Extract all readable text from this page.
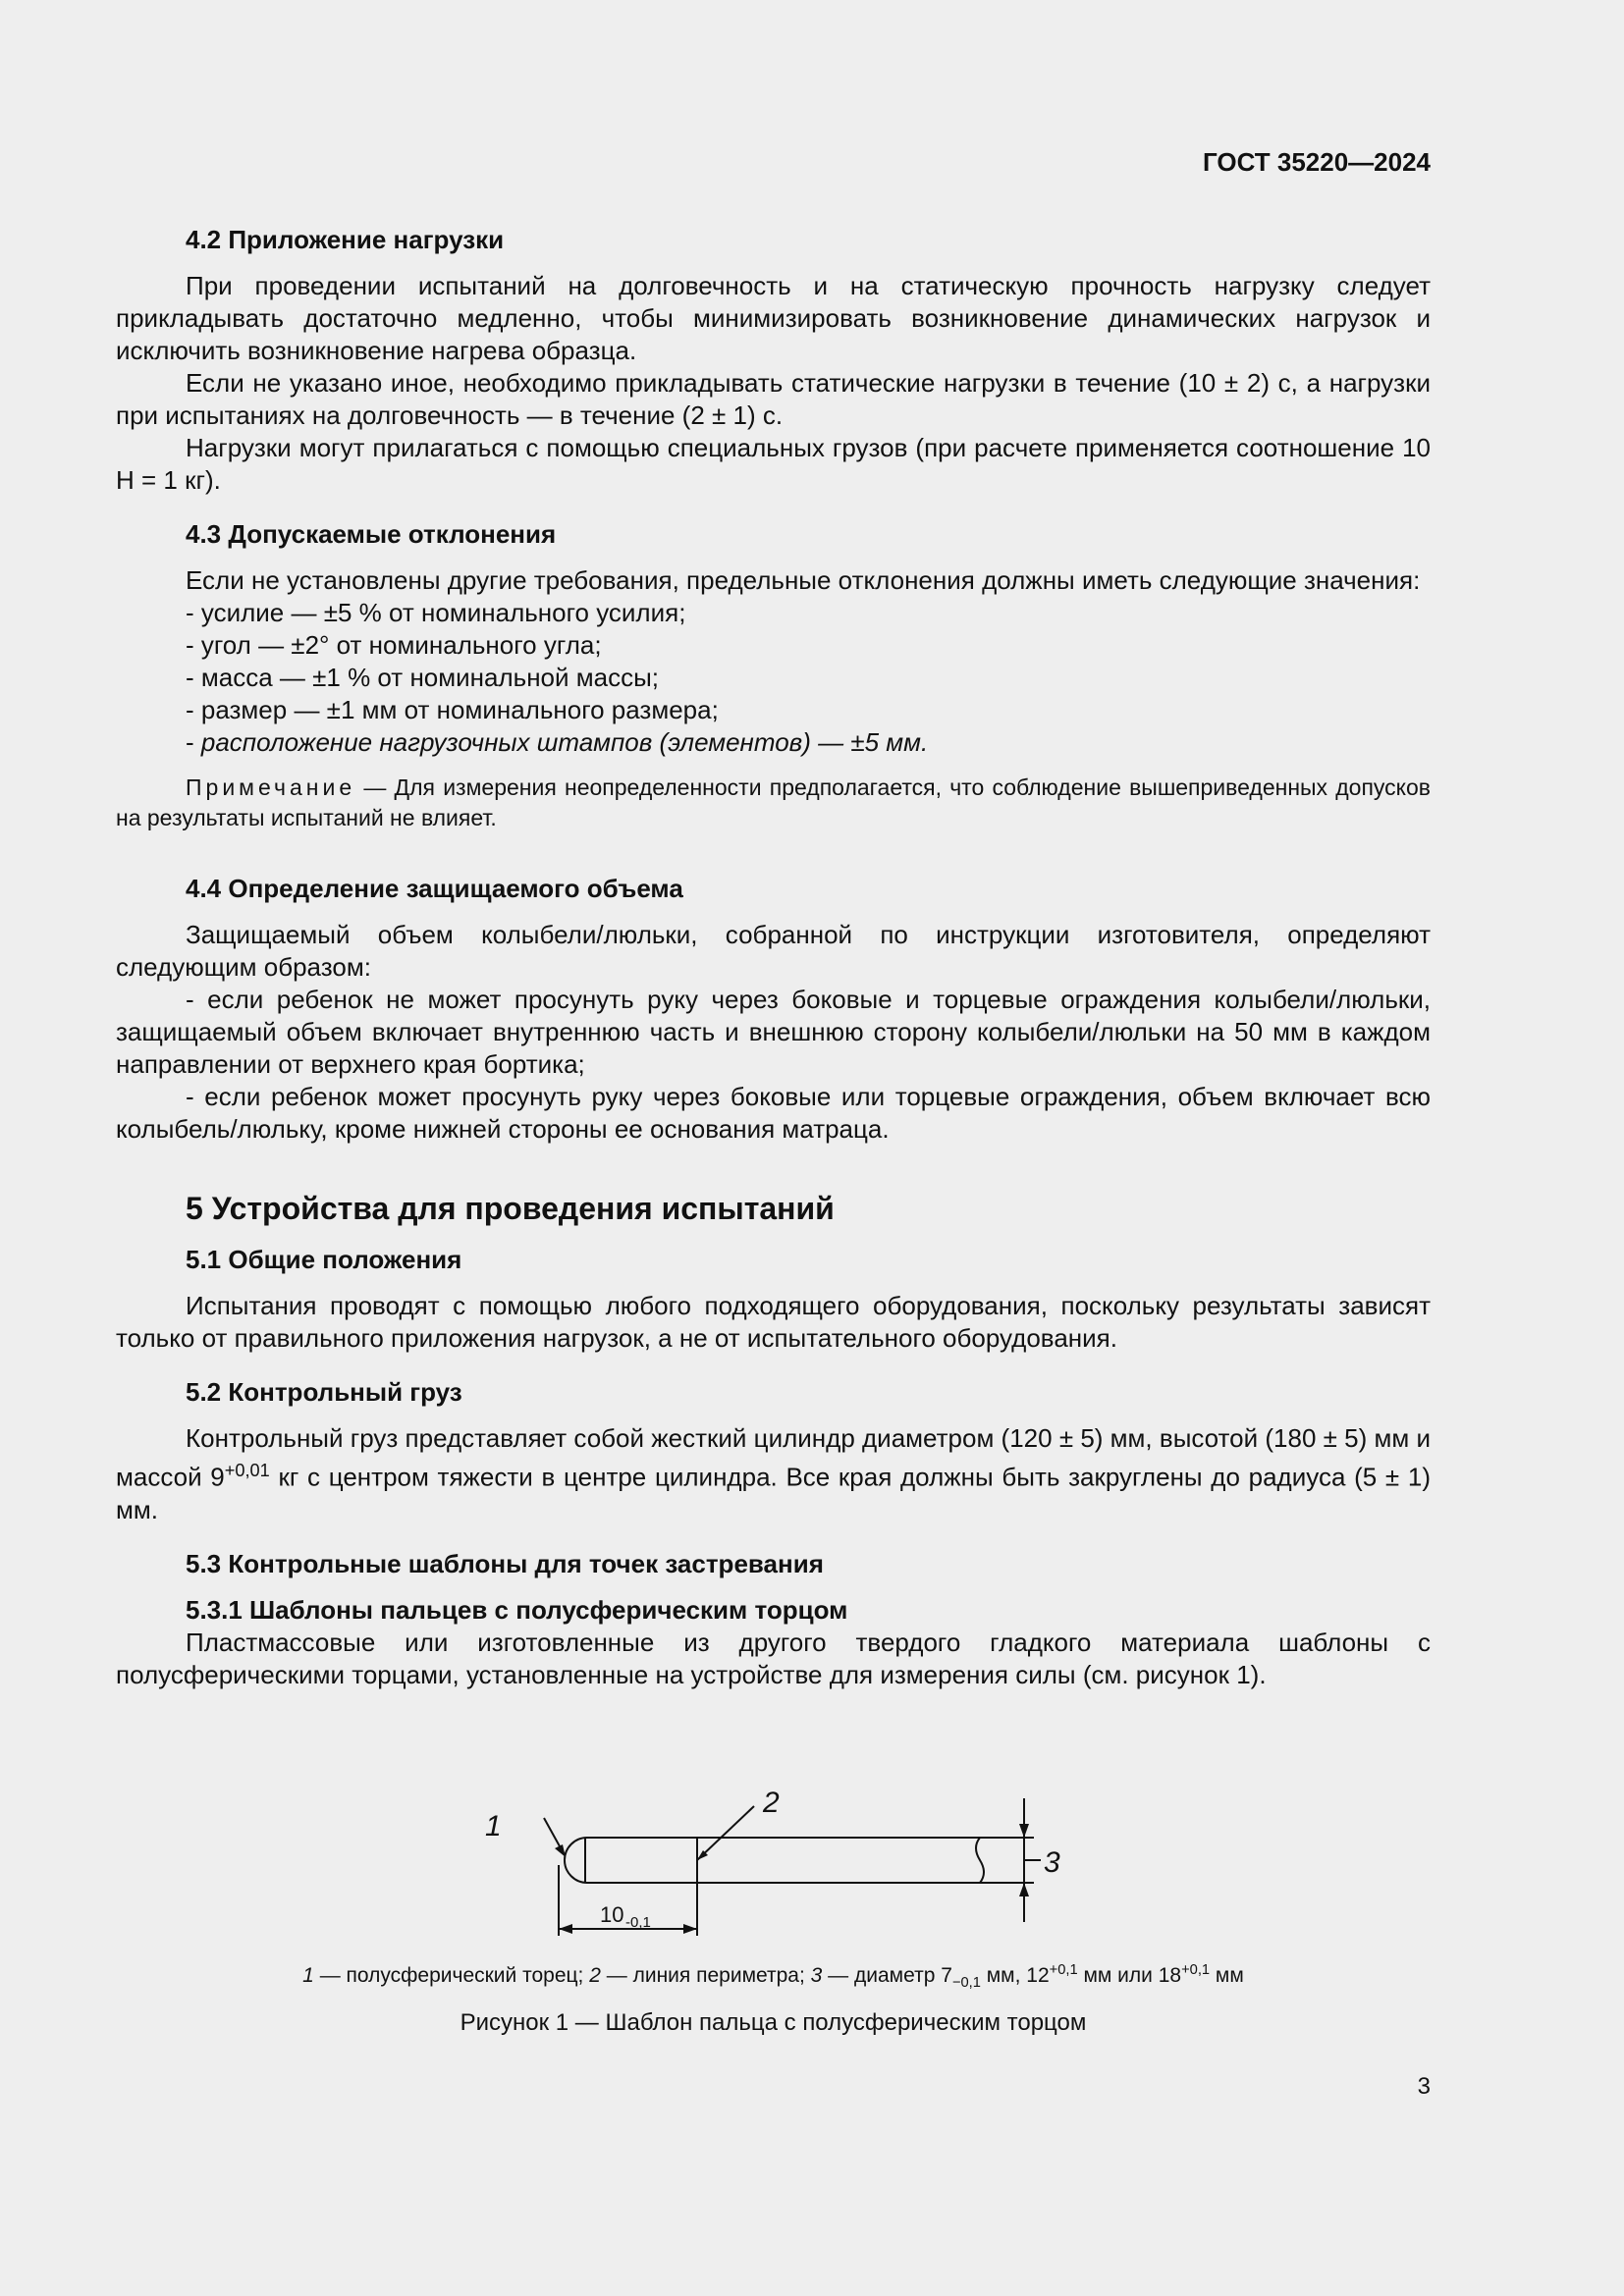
ГОСТ 35220—2024
4.2 Приложение нагрузки

При проведении испытаний на долговечность и на статическую прочность нагрузку следует прикладывать достаточно медленно, чтобы минимизировать возникновение динамических нагрузок и исключить возникновение нагрева образца.

Если не указано иное, необходимо прикладывать статические нагрузки в течение (10 ± 2) с, а нагрузки при испытаниях на долговечность — в течение (2 ± 1) с.

Нагрузки могут прилагаться с помощью специальных грузов (при расчете применяется соотношение 10 Н = 1 кг).

4.3 Допускаемые отклонения

Если не установлены другие требования, предельные отклонения должны иметь следующие значения:

- усилие — ±5 % от номинального усилия;
- угол — ±2° от номинального угла;
- масса — ±1 % от номинальной массы;
- размер — ±1 мм от номинального размера;
- расположение нагрузочных штампов (элементов) — ±5 мм.

Примечание — Для измерения неопределенности предполагается, что соблюдение вышеприведенных допусков на результаты испытаний не влияет.

4.4 Определение защищаемого объема

Защищаемый объем колыбели/люльки, собранной по инструкции изготовителя, определяют следующим образом:

- если ребенок не может просунуть руку через боковые и торцевые ограждения колыбели/люльки, защищаемый объем включает внутреннюю часть и внешнюю сторону колыбели/люльки на 50 мм в каждом направлении от верхнего края бортика;

- если ребенок может просунуть руку через боковые или торцевые ограждения, объем включает всю колыбель/люльку, кроме нижней стороны ее основания матраца.

5 Устройства для проведения испытаний
5.1 Общие положения

Испытания проводят с помощью любого подходящего оборудования, поскольку результаты зависят только от правильного приложения нагрузок, а не от испытательного оборудования.

5.2 Контрольный груз

Контрольный груз представляет собой жесткий цилиндр диаметром (120 ± 5) мм, высотой (180 ± 5) мм и массой $9^{+0,01}$ кг с центром тяжести в центре цилиндра. Все края должны быть закруглены до радиуса (5 ± 1) мм.

5.3 Контрольные шаблоны для точек застревания
5.3.1 Шаблоны пальцев с полусферическим торцом

Пластмассовые или изготовленные из другого твердого гладкого материала шаблоны с полусферическими торцами, установленные на устройстве для измерения силы (см. рисунок 1).

1
2
3
10 -0,1
1 — полусферический торец; 2 — линия периметра; 3 — диаметр $7_{-0,1}$ мм, $12^{+0,1}$ мм или $18^{+0,1}$ мм
Рисунок 1 — Шаблон пальца с полусферическим торцом
3
